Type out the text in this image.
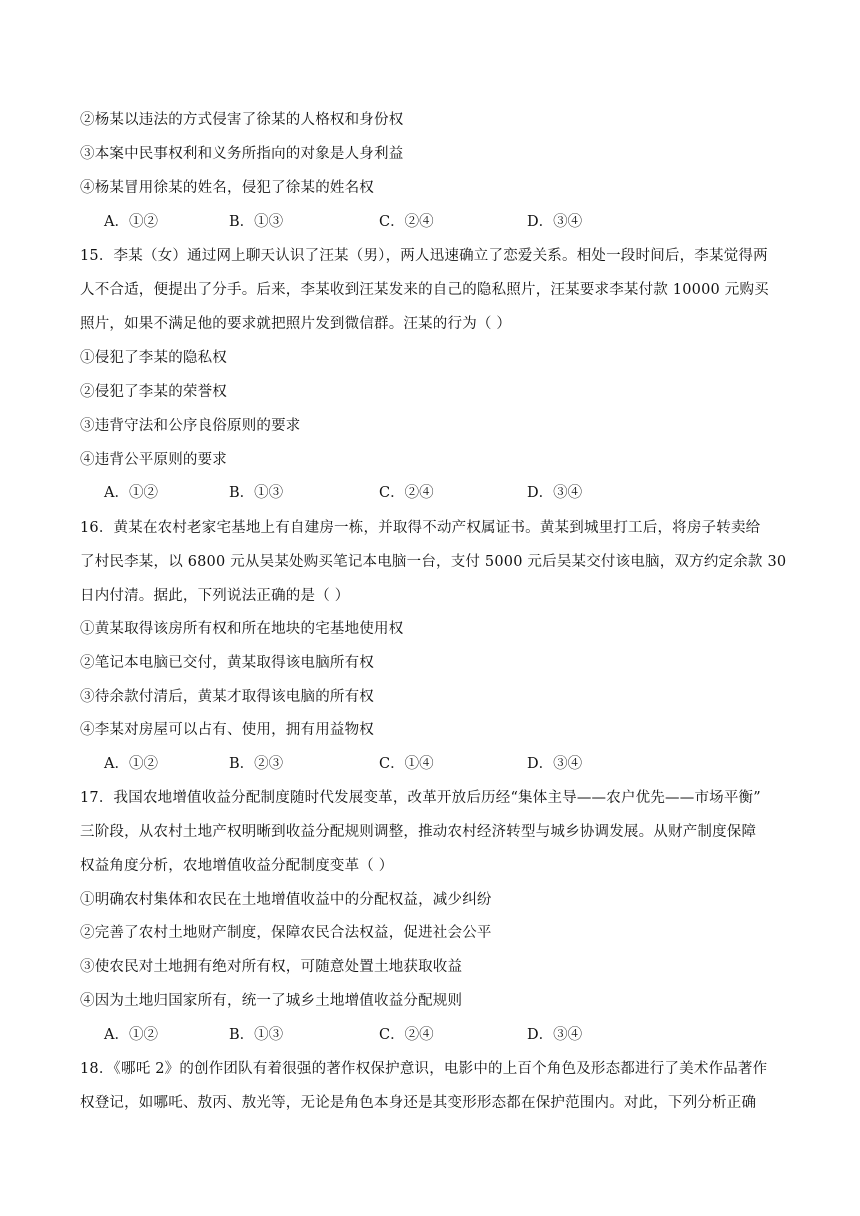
②杨某以违法的方式侵害了徐某的人格权和身份权
③本案中民事权利和义务所指向的对象是人身利益
④杨某冒用徐某的姓名，侵犯了徐某的姓名权
A．①②	B．①③	C．②④	D．③④
15．李某（女）通过网上聊天认识了汪某（男），两人迅速确立了恋爱关系。相处一段时间后，李某觉得两
人不合适，便提出了分手。后来，李某收到汪某发来的自己的隐私照片，汪某要求李某付款 10000 元购买
照片，如果不满足他的要求就把照片发到微信群。汪某的行为（ ）
①侵犯了李某的隐私权
②侵犯了李某的荣誉权
③违背守法和公序良俗原则的要求
④违背公平原则的要求
A．①②	B．①③	C．②④	D．③④
16．黄某在农村老家宅基地上有自建房一栋，并取得不动产权属证书。黄某到城里打工后，将房子转卖给
了村民李某，以 6800 元从吴某处购买笔记本电脑一台，支付 5000 元后吴某交付该电脑，双方约定余款 30
日内付清。据此，下列说法正确的是（ ）
①黄某取得该房所有权和所在地块的宅基地使用权
②笔记本电脑已交付，黄某取得该电脑所有权
③待余款付清后，黄某才取得该电脑的所有权
④李某对房屋可以占有、使用，拥有用益物权
A．①②	B．②③	C．①④	D．③④
17．我国农地增值收益分配制度随时代发展变革，改革开放后历经“集体主导——农户优先——市场平衡”
三阶段，从农村土地产权明晰到收益分配规则调整，推动农村经济转型与城乡协调发展。从财产制度保障
权益角度分析，农地增值收益分配制度变革（ ）
①明确农村集体和农民在土地增值收益中的分配权益，减少纠纷
②完善了农村土地财产制度，保障农民合法权益，促进社会公平
③使农民对土地拥有绝对所有权，可随意处置土地获取收益
④因为土地归国家所有，统一了城乡土地增值收益分配规则
A．①②	B．①③	C．②④	D．③④
18．《哪吒 2》的创作团队有着很强的著作权保护意识，电影中的上百个角色及形态都进行了美术作品著作
权登记，如哪吒、敖丙、敖光等，无论是角色本身还是其变形形态都在保护范围内。对此，下列分析正确
